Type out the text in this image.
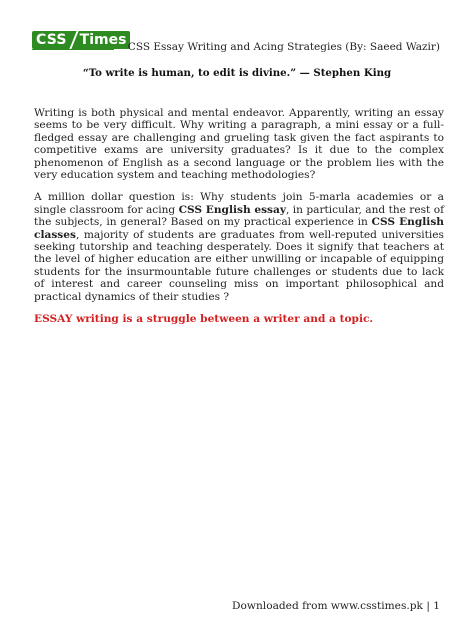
CSS Times CSS Essay Writing and Acing Strategies (By: Saeed Wazir)
“To write is human, to edit is divine.” — Stephen King

Writing is both physical and mental endeavor. Apparently, writing an essay seems to be very difficult. Why writing a paragraph, a mini essay or a full-fledged essay are challenging and grueling task given the fact aspirants to competitive exams are university graduates? Is it due to the complex phenomenon of English as a second language or the problem lies with the very education system and teaching methodologies?

A million dollar question is: Why students join 5-marla academies or a single classroom for acing CSS English essay, in particular, and the rest of the subjects, in general? Based on my practical experience in CSS English classes, majority of students are graduates from well-reputed universities seeking tutorship and teaching desperately. Does it signify that teachers at the level of higher education are either unwilling or incapable of equipping students for the insurmountable future challenges or students due to lack of interest and career counseling miss on important philosophical and practical dynamics of their studies ?

ESSAY writing is a struggle between a writer and a topic.

Downloaded from www.csstimes.pk | 1
